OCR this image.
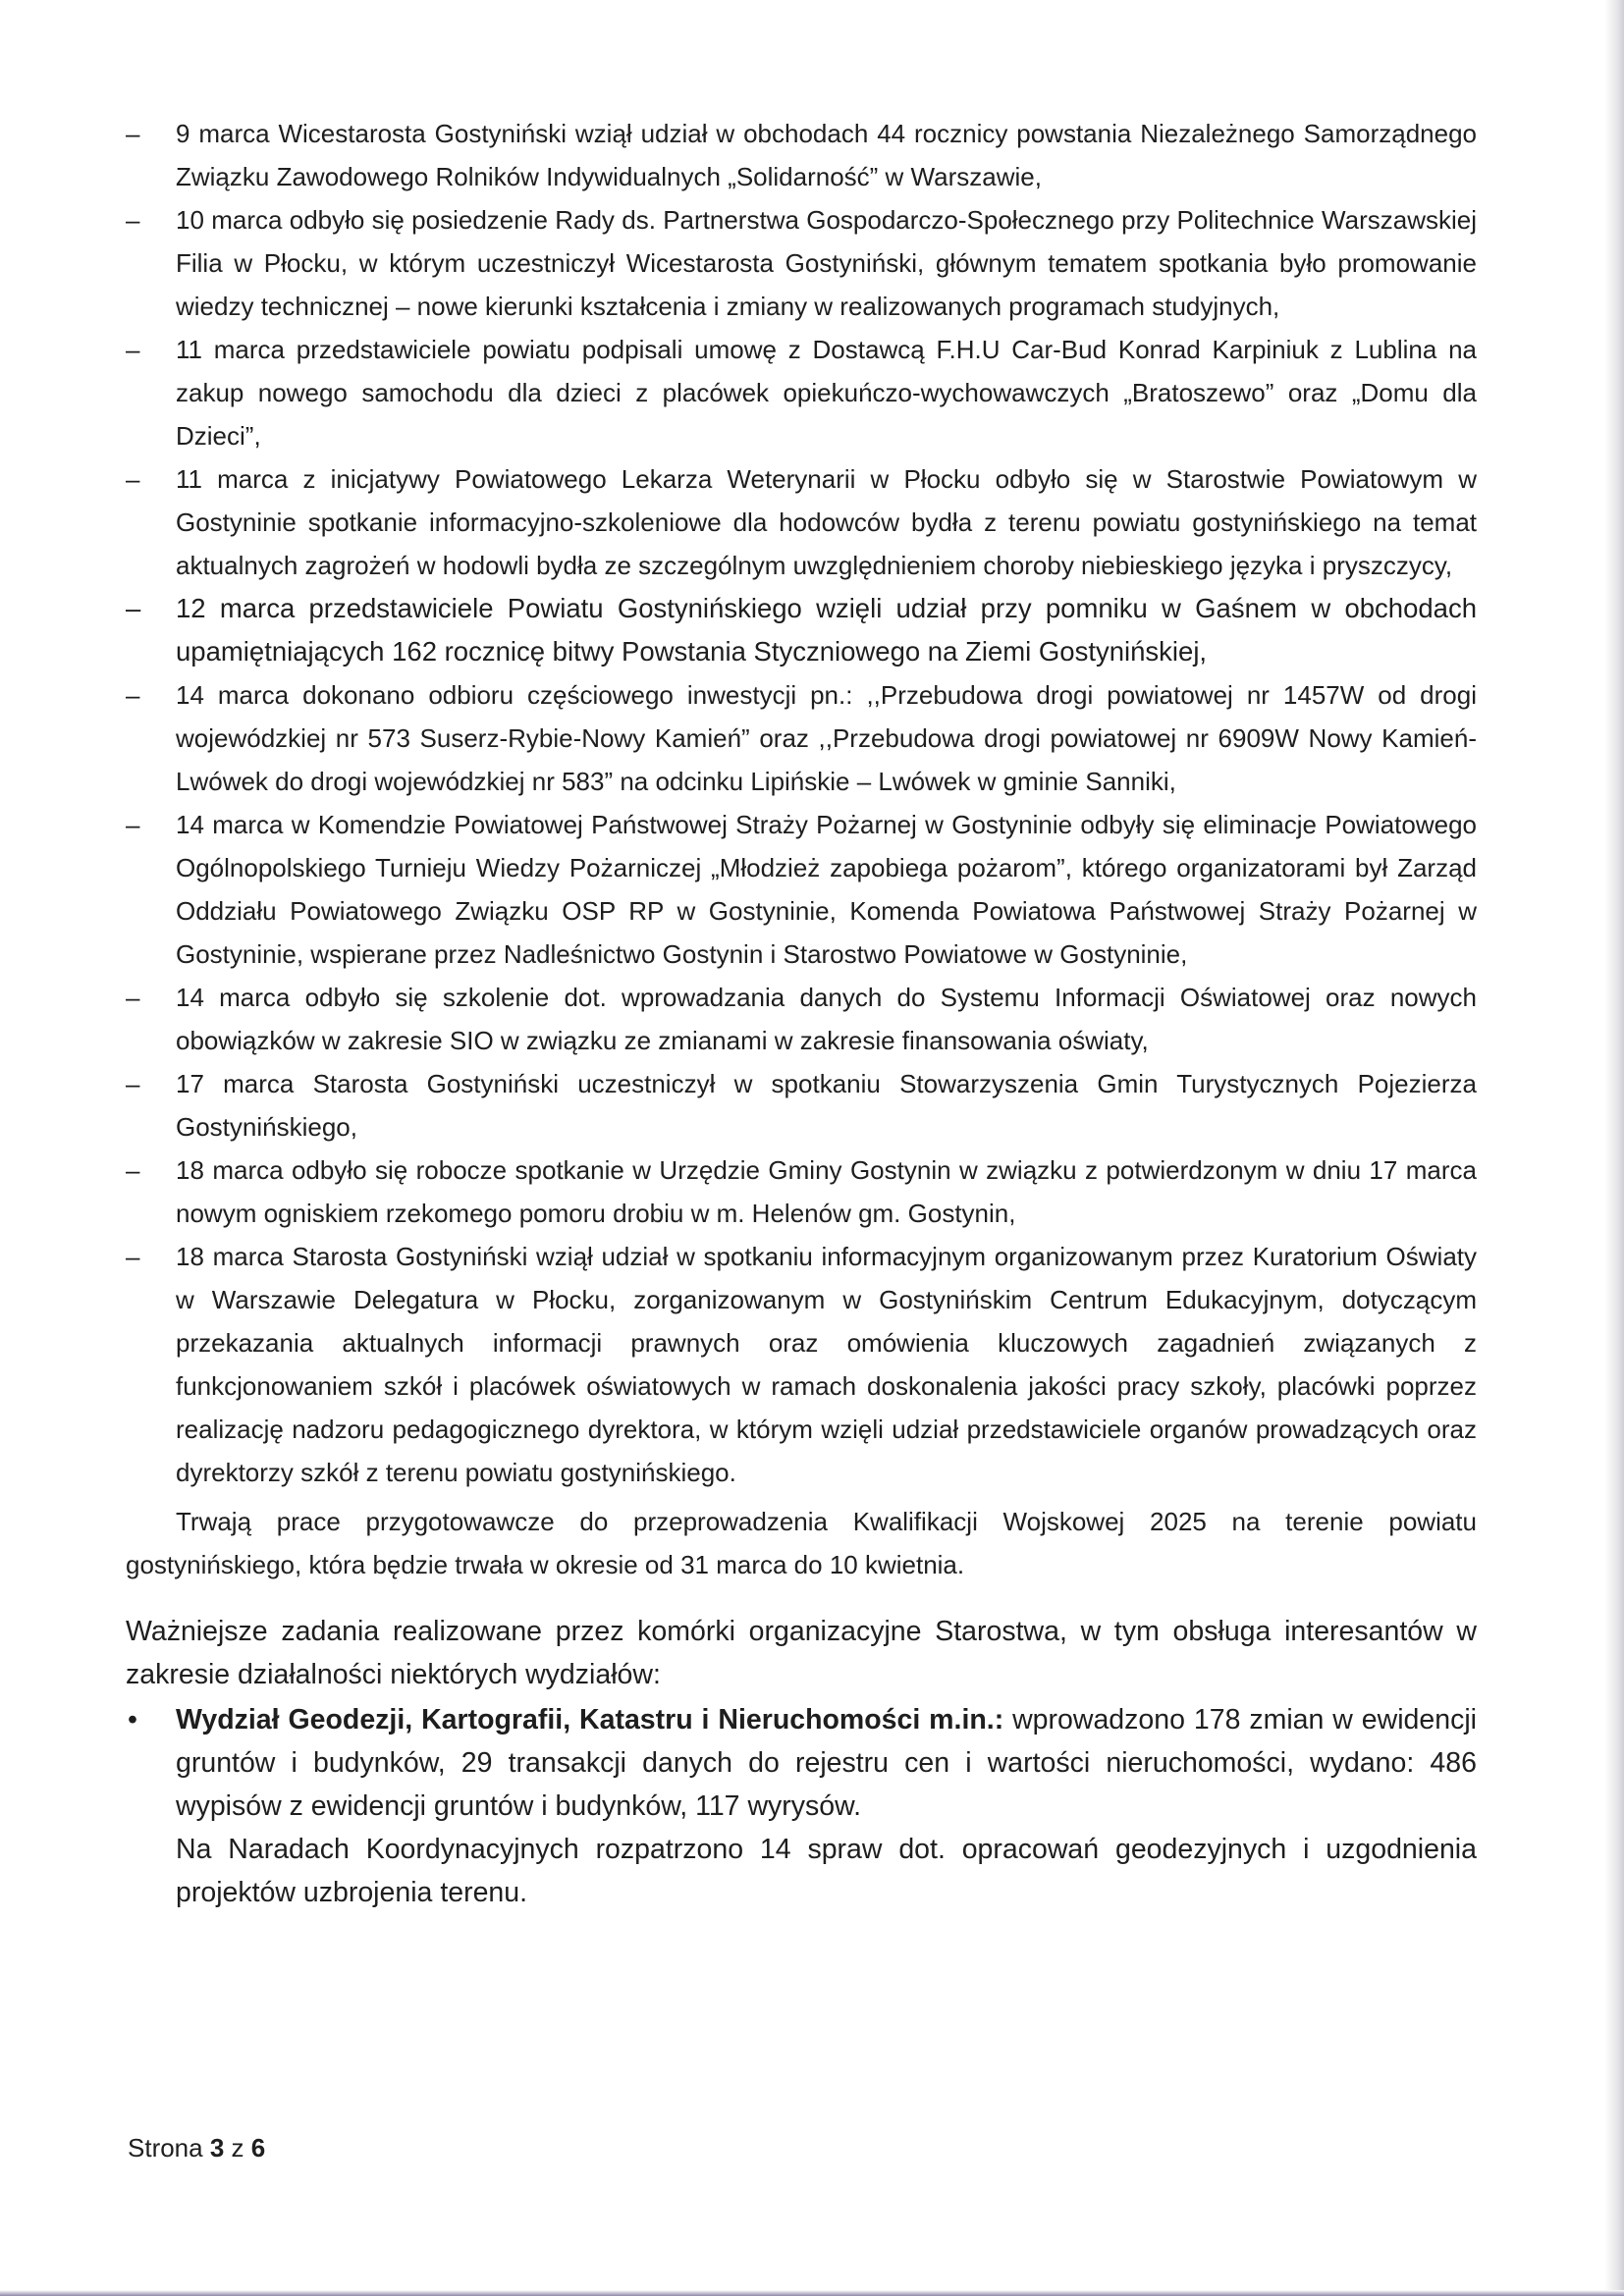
– 9 marca Wicestarosta Gostyniński wziął udział w obchodach 44 rocznicy powstania Niezależnego Samorządnego Związku Zawodowego Rolników Indywidualnych „Solidarność” w Warszawie,
– 10 marca odbyło się posiedzenie Rady ds. Partnerstwa Gospodarczo-Społecznego przy Politechnice Warszawskiej Filia w Płocku, w którym uczestniczył Wicestarosta Gostyniński, głównym tematem spotkania było promowanie wiedzy technicznej – nowe kierunki kształcenia i zmiany w realizowanych programach studyjnych,
– 11 marca przedstawiciele powiatu podpisali umowę z Dostawcą F.H.U Car-Bud Konrad Karpiniuk z Lublina na zakup nowego samochodu dla dzieci z placówek opiekuńczo-wychowawczych „Bratoszewo” oraz „Domu dla Dzieci”,
– 11 marca z inicjatywy Powiatowego Lekarza Weterynarii w Płocku odbyło się w Starostwie Powiatowym w Gostyninie spotkanie informacyjno-szkoleniowe dla hodowców bydła z terenu powiatu gostynińskiego na temat aktualnych zagrożeń w hodowli bydła ze szczególnym uwzględnieniem choroby niebieskiego języka i pryszczycy,
– 12 marca przedstawiciele Powiatu Gostynińskiego wzięli udział przy pomniku w Gaśnem w obchodach upamiętniających 162 rocznicę bitwy Powstania Styczniowego na Ziemi Gostynińskiej,
– 14 marca dokonano odbioru częściowego inwestycji pn.: ,,Przebudowa drogi powiatowej nr 1457W od drogi wojewódzkiej nr 573 Suserz-Rybie-Nowy Kamień” oraz ,,Przebudowa drogi powiatowej nr 6909W Nowy Kamień-Lwówek do drogi wojewódzkiej nr 583” na odcinku Lipińskie – Lwówek w gminie Sanniki,
– 14 marca w Komendzie Powiatowej Państwowej Straży Pożarnej w Gostyninie odbyły się eliminacje Powiatowego Ogólnopolskiego Turnieju Wiedzy Pożarniczej „Młodzież zapobiega pożarom”, którego organizatorami był Zarząd Oddziału Powiatowego Związku OSP RP w Gostyninie, Komenda Powiatowa Państwowej Straży Pożarnej w Gostyninie, wspierane przez Nadleśnictwo Gostynin i Starostwo Powiatowe w Gostyninie,
– 14 marca odbyło się szkolenie dot. wprowadzania danych do Systemu Informacji Oświatowej oraz nowych obowiązków w zakresie SIO w związku ze zmianami w zakresie finansowania oświaty,
– 17 marca Starosta Gostyniński uczestniczył w spotkaniu Stowarzyszenia Gmin Turystycznych Pojezierza Gostynińskiego,
– 18 marca odbyło się robocze spotkanie w Urzędzie Gminy Gostynin w związku z potwierdzonym w dniu 17 marca nowym ogniskiem rzekomego pomoru drobiu w m. Helenów gm. Gostynin,
– 18 marca Starosta Gostyniński wziął udział w spotkaniu informacyjnym organizowanym przez Kuratorium Oświaty w Warszawie Delegatura w Płocku, zorganizowanym w Gostynińskim Centrum Edukacyjnym, dotyczącym przekazania aktualnych informacji prawnych oraz omówienia kluczowych zagadnień związanych z funkcjonowaniem szkół i placówek oświatowych w ramach doskonalenia jakości pracy szkoły, placówki poprzez realizację nadzoru pedagogicznego dyrektora, w którym wzięli udział przedstawiciele organów prowadzących oraz dyrektorzy szkół z terenu powiatu gostynińskiego.

Trwają prace przygotowawcze do przeprowadzenia Kwalifikacji Wojskowej 2025 na terenie powiatu gostynińskiego, która będzie trwała w okresie od 31 marca do 10 kwietnia.

Ważniejsze zadania realizowane przez komórki organizacyjne Starostwa, w tym obsługa interesantów w zakresie działalności niektórych wydziałów:

•	Wydział Geodezji, Kartografii, Katastru i Nieruchomości m.in.: wprowadzono 178 zmian w ewidencji gruntów i budynków, 29 transakcji danych do rejestru cen i wartości nieruchomości, wydano: 486 wypisów z ewidencji gruntów i budynków, 117 wyrysów.
Na Naradach Koordynacyjnych rozpatrzono 14 spraw dot. opracowań geodezyjnych i uzgodnienia projektów uzbrojenia terenu.
Strona 3 z 6
